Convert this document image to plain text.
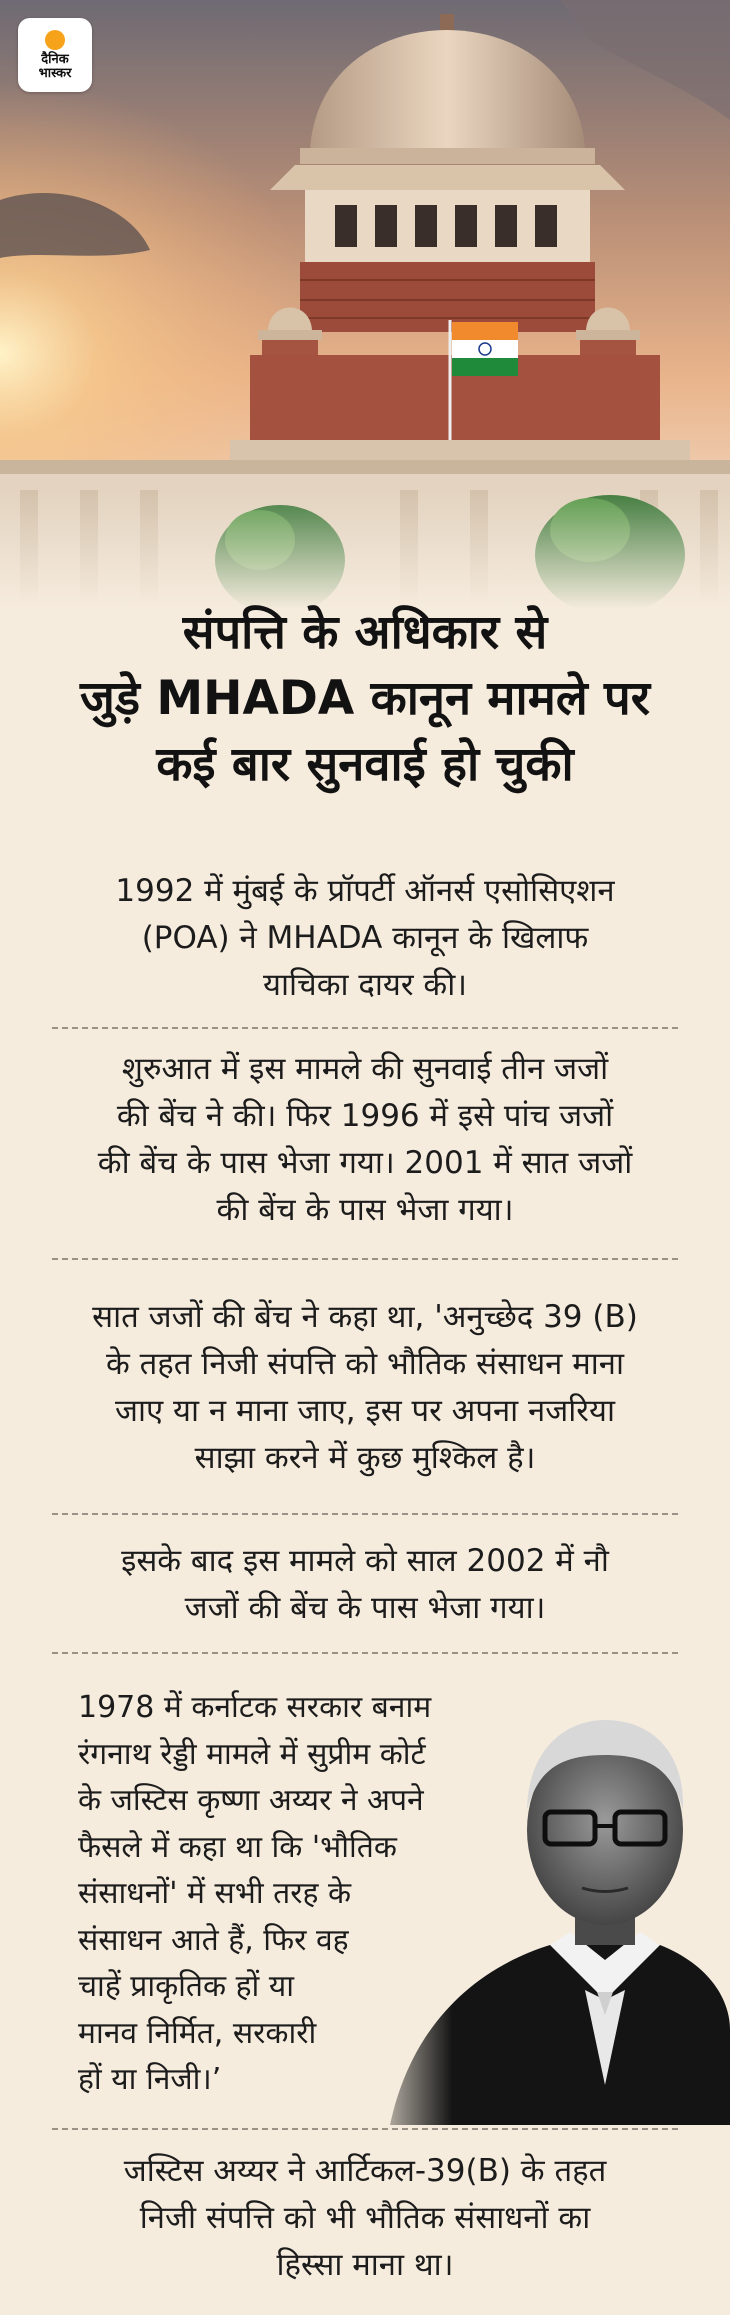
दैनिक
भास्कर
संपत्ति के अधिकार से
जुड़े MHADA कानून मामले पर
कई बार सुनवाई हो चुकी
1992 में मुंबई के प्रॉपर्टी ऑनर्स एसोसिएशन
(POA) ने MHADA कानून के खिलाफ
याचिका दायर की।
शुरुआत में इस मामले की सुनवाई तीन जजों
की बेंच ने की। फिर 1996 में इसे पांच जजों
की बेंच के पास भेजा गया। 2001 में सात जजों
की बेंच के पास भेजा गया।
सात जजों की बेंच ने कहा था, 'अनुच्छेद 39 (B)
के तहत निजी संपत्ति को भौतिक संसाधन माना
जाए या न माना जाए, इस पर अपना नजरिया
साझा करने में कुछ मुश्किल है।
इसके बाद इस मामले को साल 2002 में नौ
जजों की बेंच के पास भेजा गया।
1978 में कर्नाटक सरकार बनाम
रंगनाथ रेड्डी मामले में सुप्रीम कोर्ट
के जस्टिस कृष्णा अय्यर ने अपने
फैसले में कहा था कि 'भौतिक
संसाधनों' में सभी तरह के
संसाधन आते हैं, फिर वह
चाहें प्राकृतिक हों या
मानव निर्मित, सरकारी
हों या निजी।’
जस्टिस अय्यर ने आर्टिकल-39(B) के तहत
निजी संपत्ति को भी भौतिक संसाधनों का
हिस्सा माना था।
